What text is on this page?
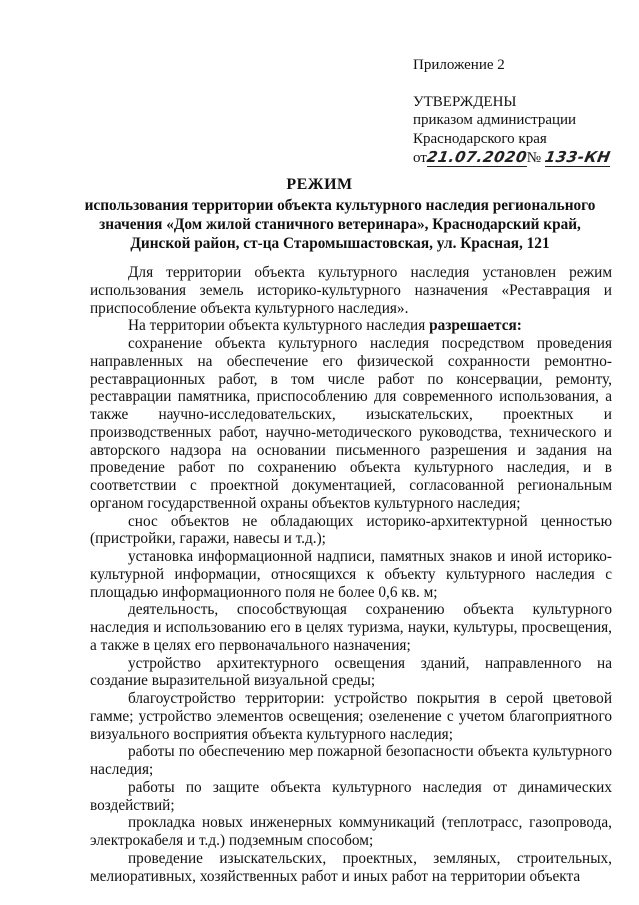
Приложение 2
УТВЕРЖДЕНЫ
приказом администрации
Краснодарского края
от21.07.2020№ 133-КН
РЕЖИМ
использования территории объекта культурного наследия регионального
значения «Дом жилой станичного ветеринара», Краснодарский край,
Динской район, ст-ца Старомышастовская, ул. Красная, 121

Для территории объекта культурного наследия установлен режим использования земель историко-культурного назначения «Реставрация и приспособление объекта культурного наследия».

На территории объекта культурного наследия разрешается:

сохранение объекта культурного наследия посредством проведения направленных на обеспечение его физической сохранности ремонтно-реставрационных работ, в том числе работ по консервации, ремонту, реставрации памятника, приспособлению для современного использования, а также научно-исследовательских, изыскательских, проектных и производственных работ, научно-методического руководства, технического и авторского надзора на основании письменного разрешения и задания на проведение работ по сохранению объекта культурного наследия, и в соответствии с проектной документацией, согласованной региональным органом государственной охраны объектов культурного наследия;

снос объектов не обладающих историко-архитектурной ценностью (пристройки, гаражи, навесы и т.д.);

установка информационной надписи, памятных знаков и иной историко-культурной информации, относящихся к объекту культурного наследия с площадью информационного поля не более 0,6 кв. м;

деятельность, способствующая сохранению объекта культурного наследия и использованию его в целях туризма, науки, культуры, просвещения, а также в целях его первоначального назначения;

устройство архитектурного освещения зданий, направленного на создание выразительной визуальной среды;

благоустройство территории: устройство покрытия в серой цветовой гамме; устройство элементов освещения; озеленение с учетом благоприятного визуального восприятия объекта культурного наследия;

работы по обеспечению мер пожарной безопасности объекта культурного наследия;

работы по защите объекта культурного наследия от динамических воздействий;

прокладка новых инженерных коммуникаций (теплотрасс, газопровода, электрокабеля и т.д.) подземным способом;

проведение изыскательских, проектных, земляных, строительных, мелиоративных, хозяйственных работ и иных работ на территории объекта
